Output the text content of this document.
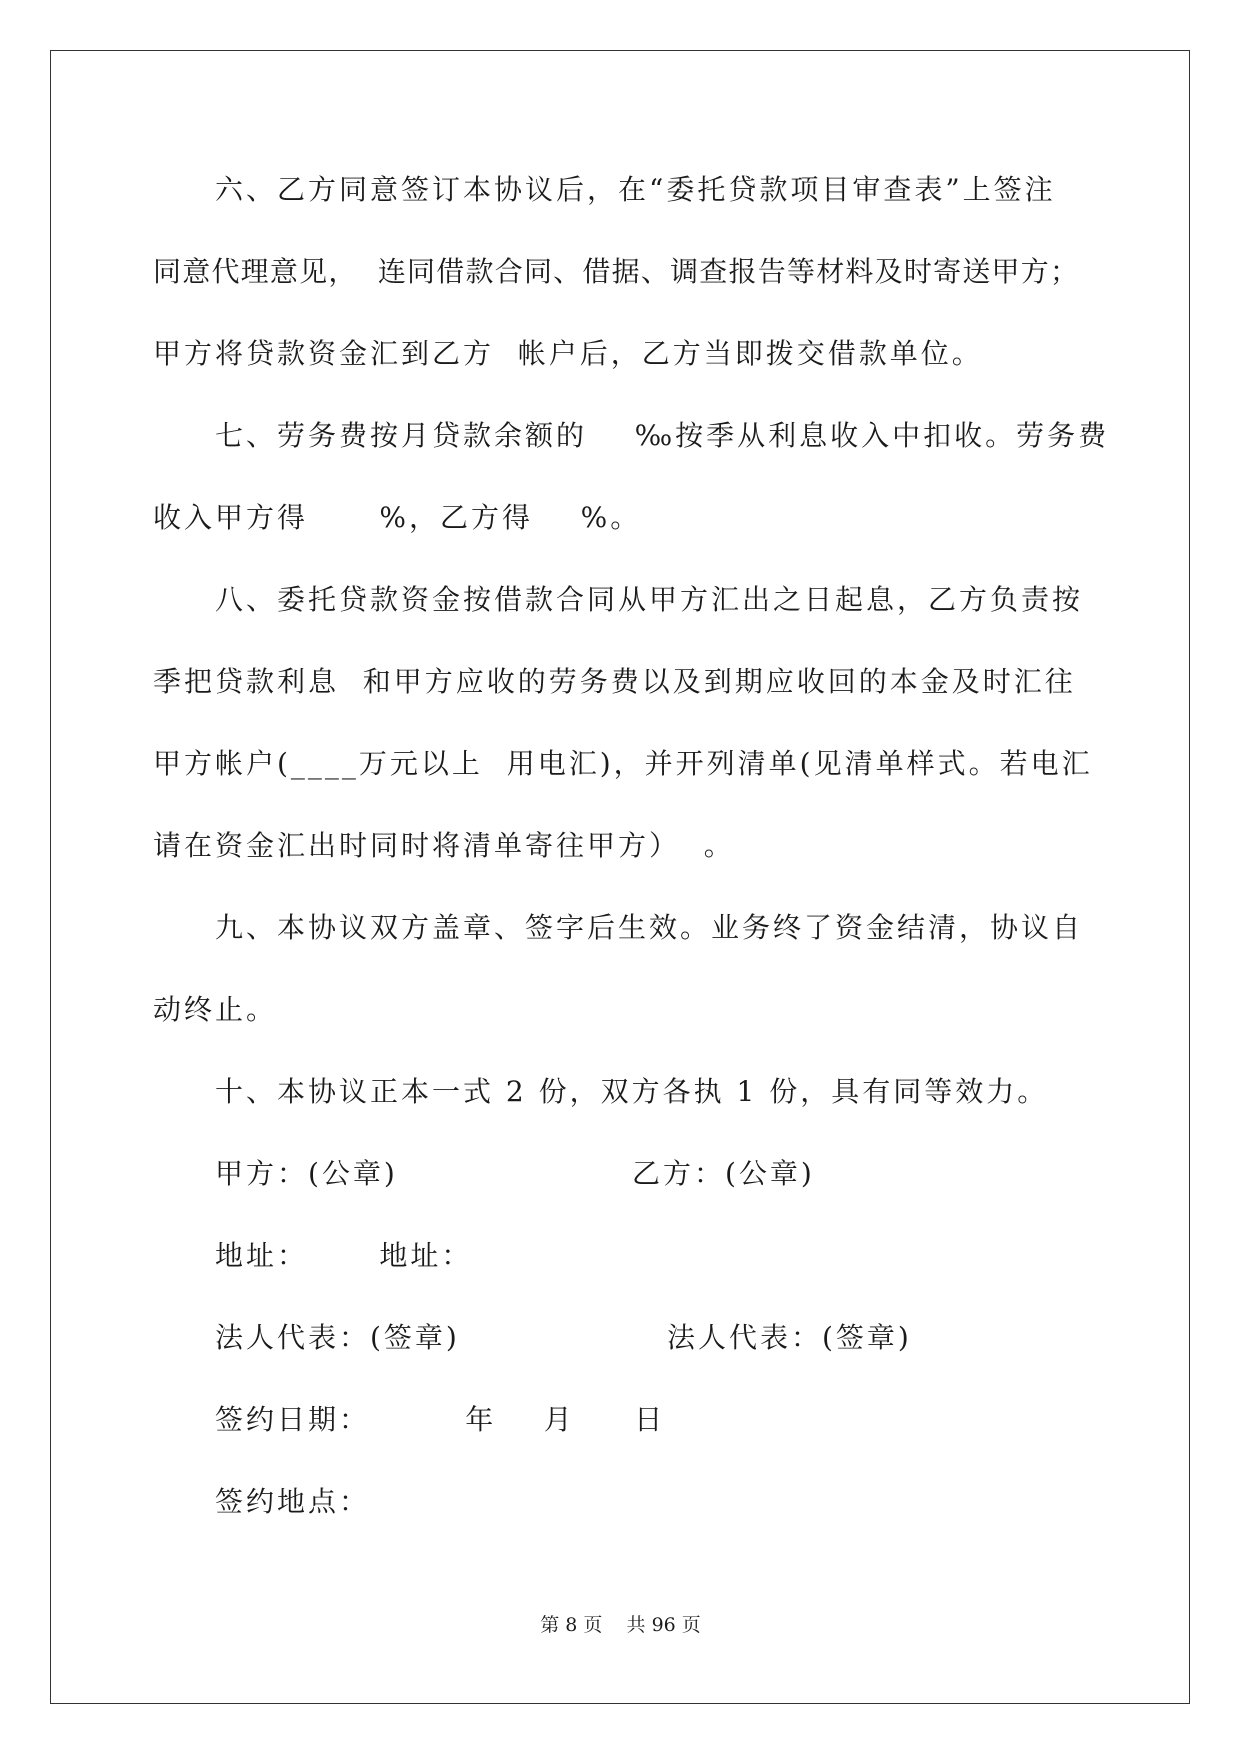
六、乙方同意签订本协议后，在“委托贷款项目审查表”上签注
同意代理意见，  连同借款合同、借据、调查报告等材料及时寄送甲方；
甲方将贷款资金汇到乙方  帐户后，乙方当即拨交借款单位。
七、劳务费按月贷款余额的    ‰按季从利息收入中扣收。劳务费
收入甲方得      %，乙方得    %。
八、委托贷款资金按借款合同从甲方汇出之日起息，乙方负责按
季把贷款利息  和甲方应收的劳务费以及到期应收回的本金及时汇往
甲方帐户(____万元以上  用电汇)，并开列清单(见清单样式。若电汇
请在资金汇出时同时将清单寄往甲方）  。
九、本协议双方盖章、签字后生效。业务终了资金结清，协议自
动终止。
十、本协议正本一式 2 份，双方各执 1 份，具有同等效力。
甲方：(公章)	乙方：(公章)
地址：      地址：
法人代表：(签章)	法人代表：(签章)
签约日期：        年    月     日
签约地点：
第 8 页    共 96 页
